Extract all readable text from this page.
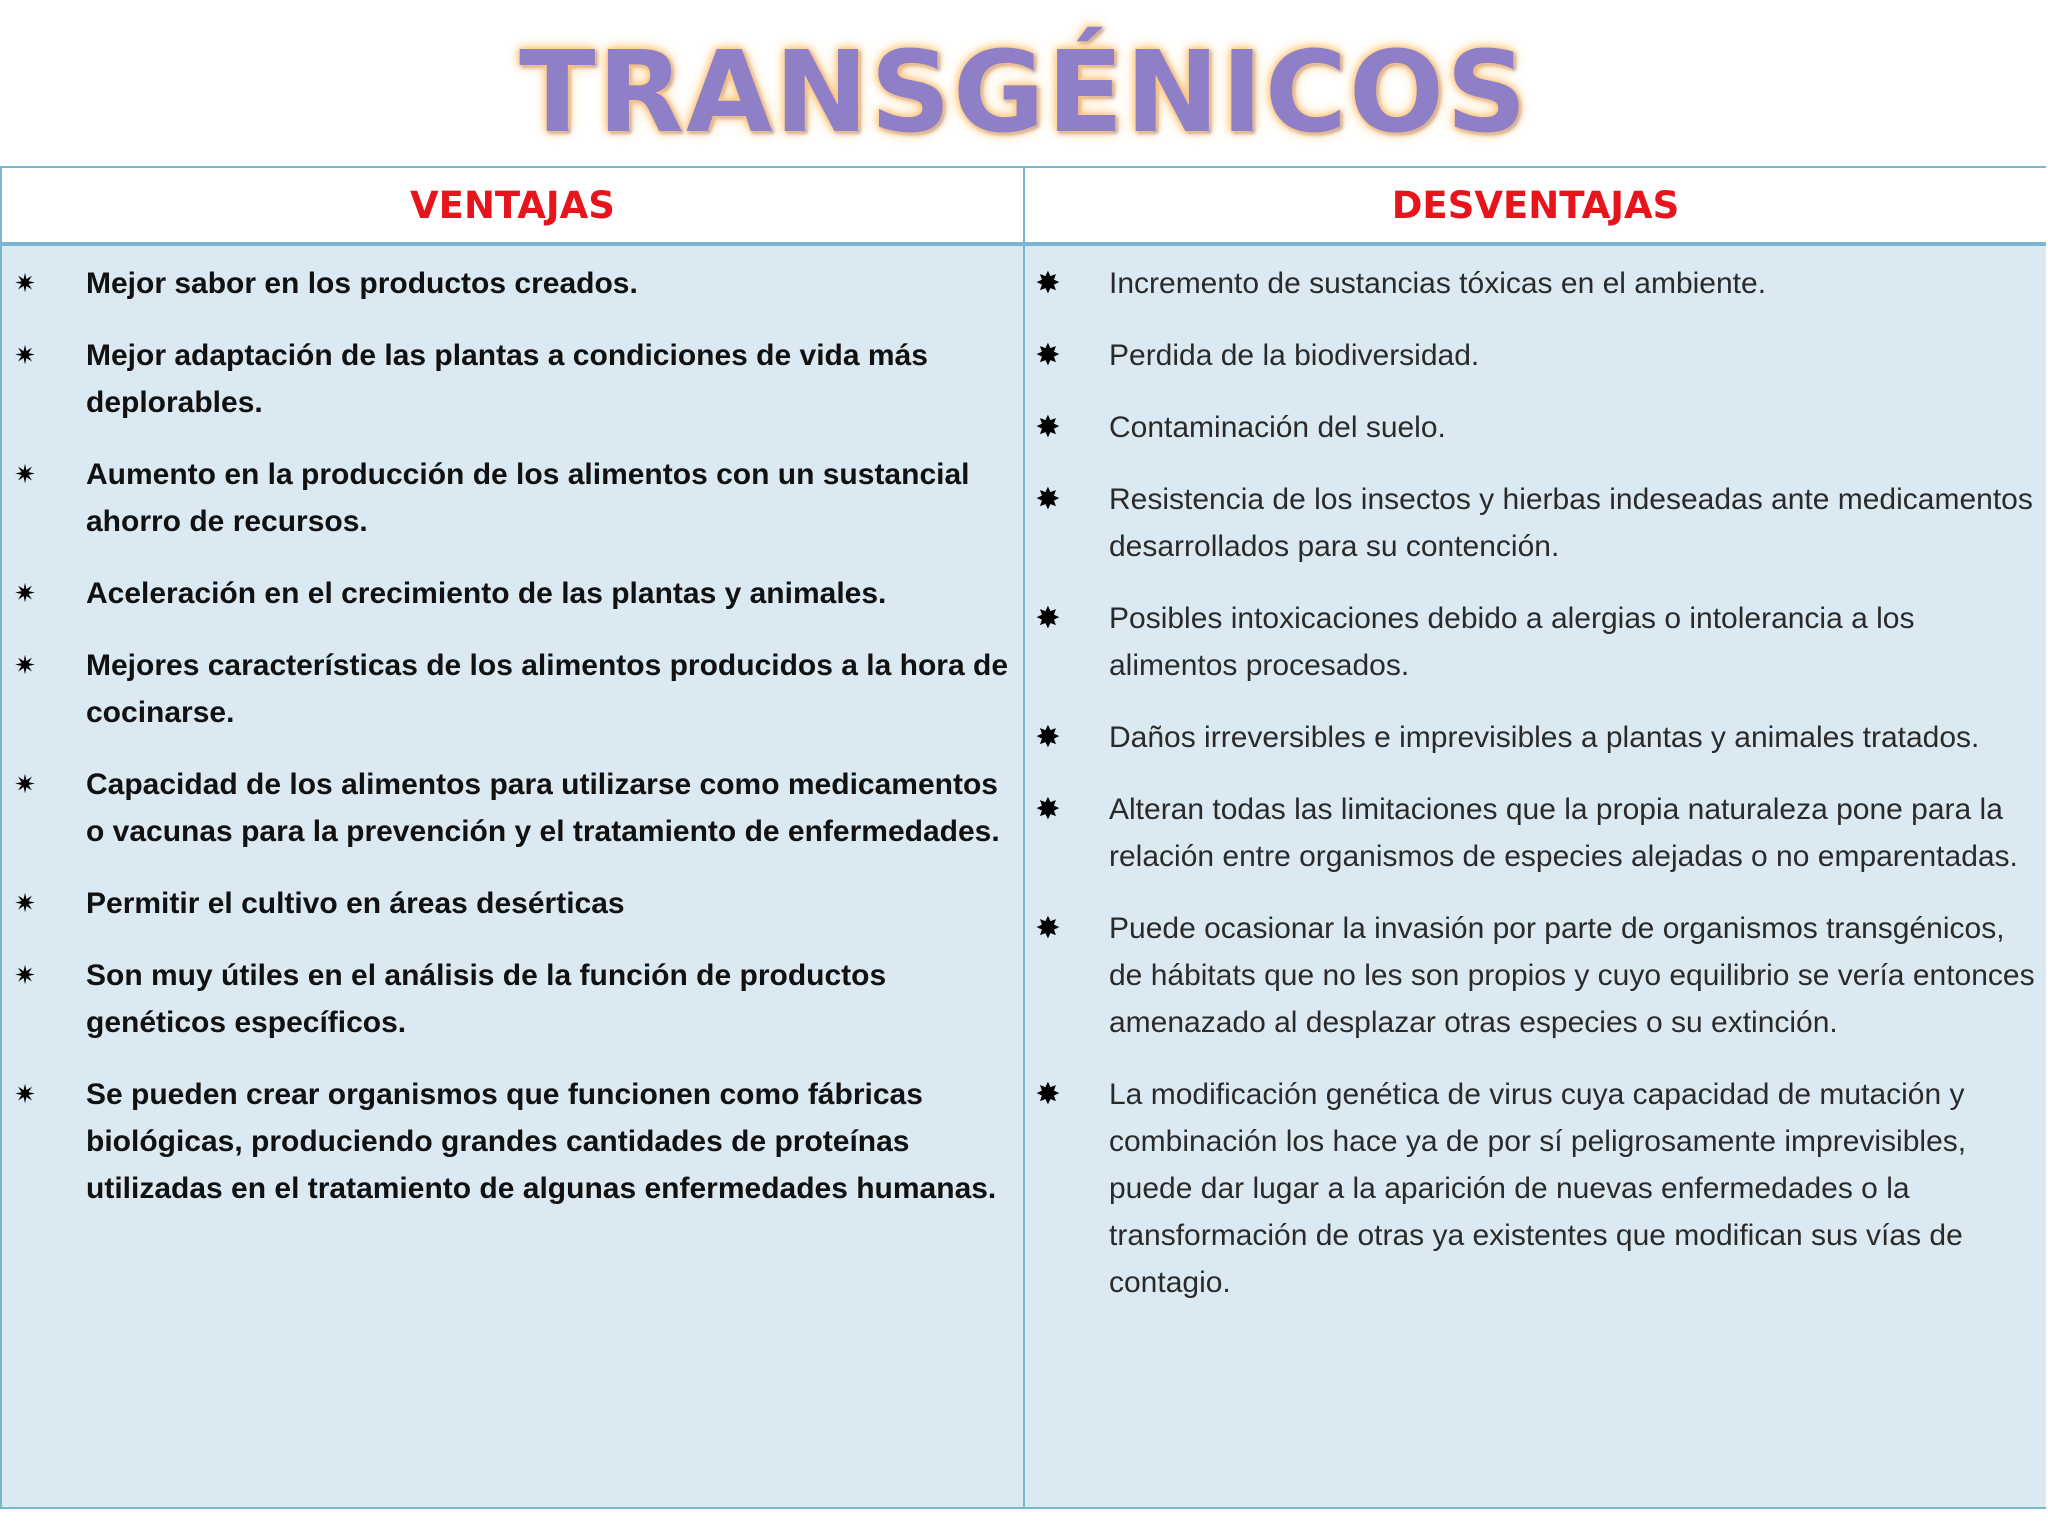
TRANSGÉNICOS
VENTAJAS	DESVENTAJAS
✷ Mejor sabor en los productos creados.
✷ Mejor adaptación de las plantas a condiciones de vida más deplorables.
✷ Aumento en la producción de los alimentos con un sustancial ahorro de recursos.
✷ Aceleración en el crecimiento de las plantas y animales.
✷ Mejores características de los alimentos producidos a la hora de cocinarse.
✷ Capacidad de los alimentos para utilizarse como medicamentos o vacunas para la prevención y el tratamiento de enfermedades.
✷ Permitir el cultivo en áreas desérticas
✷ Son muy útiles en el análisis de la función de productos genéticos específicos.
✷ Se pueden crear organismos que funcionen como fábricas biológicas, produciendo grandes cantidades de proteínas utilizadas en el tratamiento de algunas enfermedades humanas.
✸ Incremento de sustancias tóxicas en el ambiente.
✸ Perdida de la biodiversidad.
✸ Contaminación del suelo.
✸ Resistencia de los insectos y hierbas indeseadas ante medicamentos desarrollados para su contención.
✸ Posibles intoxicaciones debido a alergias o intolerancia a los alimentos procesados.
✸ Daños irreversibles e imprevisibles a plantas y animales tratados.
✸ Alteran todas las limitaciones que la propia naturaleza pone para la relación entre organismos de especies alejadas o no emparentadas.
✸ Puede ocasionar la invasión por parte de organismos transgénicos, de hábitats que no les son propios y cuyo equilibrio se vería entonces amenazado al desplazar otras especies o su extinción.
✸ La modificación genética de virus cuya capacidad de mutación y combinación los hace ya de por sí peligrosamente imprevisibles, puede dar lugar a la aparición de nuevas enfermedades o la transformación de otras ya existentes que modifican sus vías de contagio.
